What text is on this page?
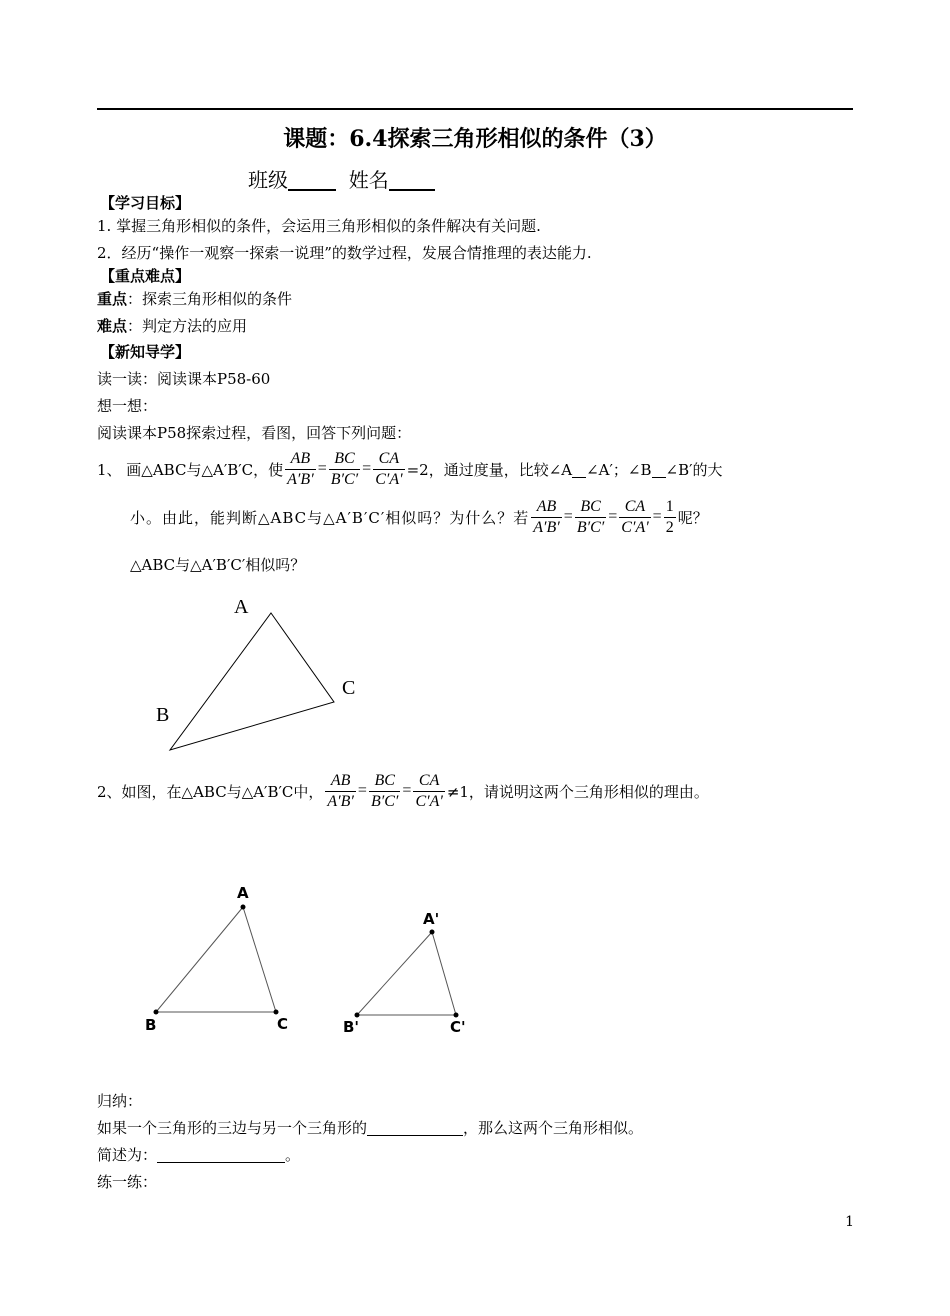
课题：6.4探索三角形相似的条件（3）
班级	姓名
【学习目标】
1. 掌握三角形相似的条件，会运用三角形相似的条件解决有关问题.
2．经历“操作一观察一探索一说理”的数学过程，发展合情推理的表达能力.
【重点难点】
重点：探索三角形相似的条件
难点：判定方法的应用
【新知导学】
读一读：阅读课本P58-60
想一想：
阅读课本P58探索过程，看图，回答下列问题：
1、 画△ABC与△A′B′C，使 $\frac{AB}{A'B'} = \frac{BC}{B'C'} = \frac{CA}{C'A'} =2$，通过度量，比较∠A ∠A′；∠B ∠B′的大
小。由此，能判断△ABC与△A′B′C′相似吗？为什么？若 $\frac{AB}{A'B'} = \frac{BC}{B'C'} = \frac{CA}{C'A'} = \frac{1}{2}$ 呢？
△ABC与△A′B′C′相似吗？
A
C
B
2、如图，在△ABC与△A′B′C中， $\frac{AB}{A'B'} = \frac{BC}{B'C'} = \frac{CA}{C'A'} \ne 1$，请说明这两个三角形相似的理由。
A
B	C
A'
B'	C'
归纳：
如果一个三角形的三边与另一个三角形的	，那么这两个三角形相似。
简述为：	。
练一练：
1
